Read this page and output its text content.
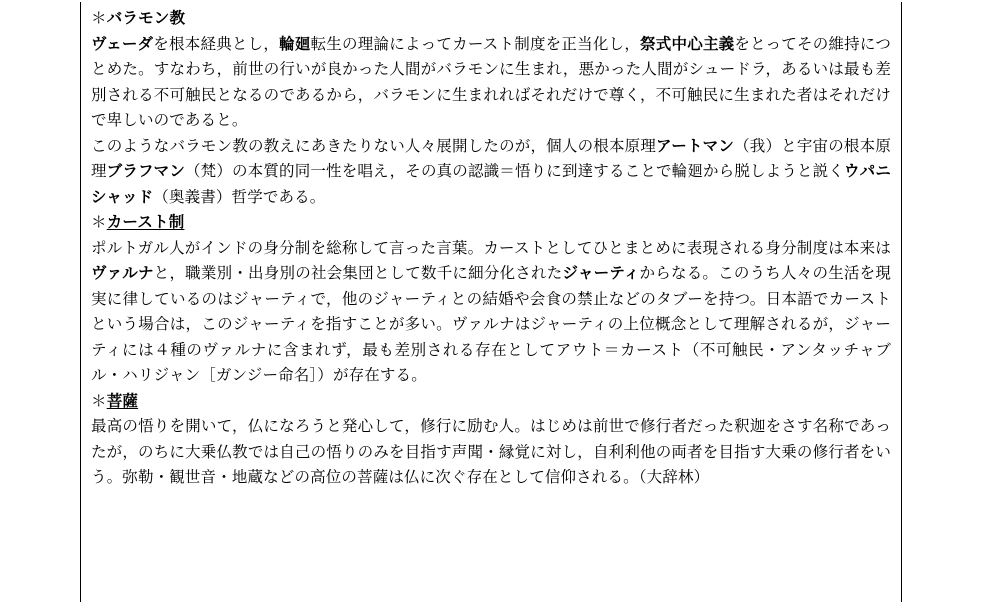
＊バラモン教

ヴェーダを根本経典とし，輪廻転生の理論によってカースト制度を正当化し，祭式中心主義をとってその維持につとめた。すなわち，前世の行いが良かった人間がバラモンに生まれ，悪かった人間がシュードラ，あるいは最も差別される不可触民となるのであるから，バラモンに生まれればそれだけで尊く，不可触民に生まれた者はそれだけで卑しいのであると。

このようなバラモン教の教えにあきたりない人々展開したのが，個人の根本原理アートマン（我）と宇宙の根本原理ブラフマン（梵）の本質的同一性を唱え，その真の認識＝悟りに到達することで輪廻から脱しようと説くウパニシャッド（奥義書）哲学である。

＊カースト制

ポルトガル人がインドの身分制を総称して言った言葉。カーストとしてひとまとめに表現される身分制度は本来はヴァルナと，職業別・出身別の社会集団として数千に細分化されたジャーティからなる。このうち人々の生活を現実に律しているのはジャーティで，他のジャーティとの結婚や会食の禁止などのタブーを持つ。日本語でカーストという場合は，このジャーティを指すことが多い。ヴァルナはジャーティの上位概念として理解されるが，ジャーティには４種のヴァルナに含まれず，最も差別される存在としてアウト＝カースト（不可触民・アンタッチャブル・ハリジャン［ガンジー命名］）が存在する。

＊菩薩

最高の悟りを開いて，仏になろうと発心して，修行に励む人。はじめは前世で修行者だった釈迦をさす名称であったが，のちに大乗仏教では自己の悟りのみを目指す声聞・縁覚に対し，自利利他の両者を目指す大乗の修行者をいう。弥勒・観世音・地蔵などの高位の菩薩は仏に次ぐ存在として信仰される。（大辞林）
